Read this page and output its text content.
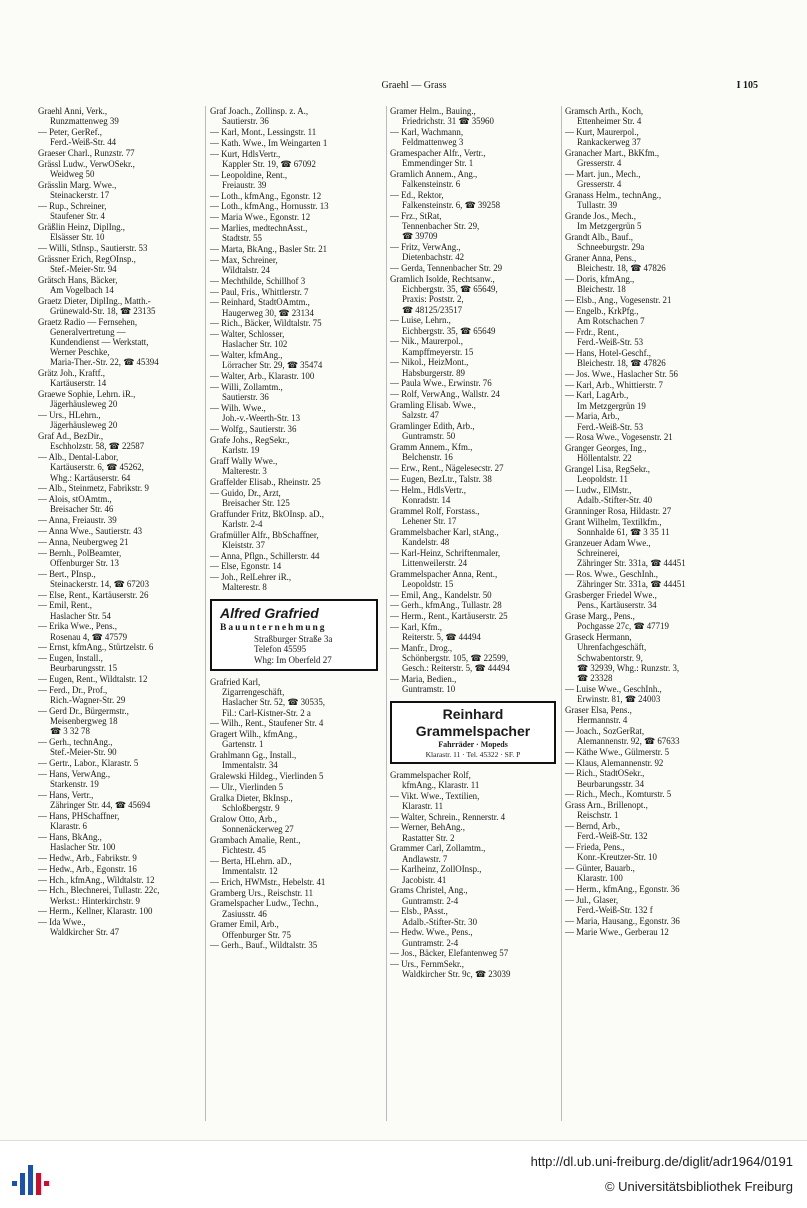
Graehl — Grass	I 105
Graehl Anni, Verk.,
Runzmattenweg 39
— Peter, GerRef.,
Ferd.-Weiß-Str. 44
Graeser Charl., Runzstr. 77
Grässl Ludw., VerwOSekr.,
Weidweg 50
Grässlin Marg. Wwe.,
Steinackerstr. 17
— Rup., Schreiner,
Staufener Str. 4
Gräßlin Heinz, DiplIng.,
Elsässer Str. 10
— Willi, StInsp., Sautierstr. 53
Grässner Erich, RegOInsp.,
Stef.-Meier-Str. 94
Grätsch Hans, Bäcker,
Am Vogelbach 14
Graetz Dieter, DiplIng., Matth.-
Grünewald-Str. 18, ☎ 23135
Graetz Radio — Fernsehen,
Generalvertretung —
Kundendienst — Werkstatt,
Werner Peschke,
Maria-Ther.-Str. 22, ☎ 45394
Grätz Joh., Kraftf.,
Kartäuserstr. 14
Graewe Sophie, Lehrn. iR.,
Jägerhäusleweg 20
— Urs., HLehrn.,
Jägerhäusleweg 20
Graf Ad., BezDir.,
Eschholzstr. 58, ☎ 22587
— Alb., Dental-Labor,
Kartäuserstr. 6, ☎ 45262,
Whg.: Kartäuserstr. 64
— Alb., Steinmetz, Fabrikstr. 9
— Alois, stOAmtm.,
Breisacher Str. 46
— Anna, Freiaustr. 39
— Anna Wwe., Sautierstr. 43
— Anna, Neubergweg 21
— Bernh., PolBeamter,
Offenburger Str. 13
— Bert., PInsp.,
Steinackerstr. 14, ☎ 67203
— Else, Rent., Kartäuserstr. 26
— Emil, Rent.,
Haslacher Str. 54
— Erika Wwe., Pens.,
Rosenau 4, ☎ 47579
— Ernst, kfmAng., Stürtzelstr. 6
— Eugen, Install.,
Beurbarungsstr. 15
— Eugen, Rent., Wildtalstr. 12
— Ferd., Dr., Prof.,
Rich.-Wagner-Str. 29
— Gerd Dr., Bürgermstr.,
Meisenbergweg 18
☎ 3 32 78
— Gerh., technAng.,
Stef.-Meier-Str. 90
— Gertr., Labor., Klarastr. 5
— Hans, VerwAng.,
Starkenstr. 19
— Hans, Vertr.,
Zähringer Str. 44, ☎ 45694
— Hans, PHSchaffner,
Klarastr. 6
— Hans, BkAng.,
Haslacher Str. 100
— Hedw., Arb., Fabrikstr. 9
— Hedw., Arb., Egonstr. 16
— Hch., kfmAng., Wildtalstr. 12
— Hch., Blechnerei, Tullastr. 22c,
Werkst.: Hinterkirchstr. 9
— Herm., Kellner, Klarastr. 100
— Ida Wwe.,
Waldkircher Str. 47
Graf Joach., Zollinsp. z. A.,
Sautierstr. 36
— Karl, Mont., Lessingstr. 11
— Kath. Wwe., Im Weingarten 1
— Kurt, HdlsVertr.,
Kappler Str. 19, ☎ 67092
— Leopoldine, Rent.,
Freiaustr. 39
— Loth., kfmAng., Egonstr. 12
— Loth., kfmAng., Hornusstr. 13
— Maria Wwe., Egonstr. 12
— Marlies, medtechnAsst.,
Stadtstr. 55
— Marta, BkAng., Basler Str. 21
— Max, Schreiner,
Wildtalstr. 24
— Mechthilde, Schillhof 3
— Paul, Fris., Whittlerstr. 7
— Reinhard, StadtOAmtm.,
Haugerweg 30, ☎ 23134
— Rich., Bäcker, Wildtalstr. 75
— Walter, Schlosser,
Haslacher Str. 102
— Walter, kfmAng.,
Lörracher Str. 29, ☎ 35474
— Walter, Arb., Klarastr. 100
— Willi, Zollamtm.,
Sautierstr. 36
— Wilh. Wwe.,
Joh.-v.-Weerth-Str. 13
— Wolfg., Sautierstr. 36
Grafe Johs., RegSekr.,
Karlstr. 19
Graff Wally Wwe.,
Malterestr. 3
Graffelder Elisab., Rheinstr. 25
— Guido, Dr., Arzt,
Breisacher Str. 125
Graffunder Fritz, BkOInsp. aD.,
Karlstr. 2-4
Grafmüller Alfr., BbSchaffner,
Kleiststr. 37
— Anna, Pflgn., Schillerstr. 44
— Else, Egonstr. 14
— Joh., RelLehrer iR.,
Malterestr. 8
Alfred Grafried
Bauunternehmung
Straßburger Straße 3a
Telefon 45595
Whg: Im Oberfeld 27
Grafried Karl,
Zigarrengeschäft,
Haslacher Str. 52, ☎ 30535,
Fil.: Carl-Kistner-Str. 2 a
— Wilh., Rent., Staufener Str. 4
Gragert Wilh., kfmAng.,
Gartenstr. 1
Grahlmann Gg., Install.,
Immentalstr. 34
Gralewski Hildeg., Vierlinden 5
— Ulr., Vierlinden 5
Gralka Dieter, BkInsp.,
Schloßbergstr. 9
Gralow Otto, Arb.,
Sonnenäckerweg 27
Grambach Amalie, Rent.,
Fichtestr. 45
— Berta, HLehrn. aD.,
Immentalstr. 12
— Erich, HWMstr., Hebelstr. 41
Gramberg Urs., Reischstr. 11
Gramelspacher Ludw., Techn.,
Zasiusstr. 46
Gramer Emil, Arb.,
Offenburger Str. 75
— Gerh., Bauf., Wildtalstr. 35
Gramer Helm., Bauing.,
Friedrichstr. 31 ☎ 35960
— Karl, Wachmann,
Feldmattenweg 3
Gramespacher Alfr., Vertr.,
Emmendinger Str. 1
Gramlich Annem., Ang.,
Falkensteinstr. 6
— Ed., Rektor,
Falkensteinstr. 6, ☎ 39258
— Frz., StRat,
Tennenbacher Str. 29,
☎ 39709
— Fritz, VerwAng.,
Dietenbachstr. 42
— Gerda, Tennenbacher Str. 29
Gramlich Isolde, Rechtsanw.,
Eichbergstr. 35, ☎ 65649,
Praxis: Poststr. 2,
☎ 48125/23517
— Luise, Lehrn.,
Eichbergstr. 35, ☎ 65649
— Nik., Maurerpol.,
Kampffmeyerstr. 15
— Nikol., HeizMont.,
Habsburgerstr. 89
— Paula Wwe., Erwinstr. 76
— Rolf, VerwAng., Wallstr. 24
Gramling Elisab. Wwe.,
Salzstr. 47
Gramlinger Edith, Arb.,
Guntramstr. 50
Gramm Annem., Kfm.,
Belchenstr. 16
— Erw., Rent., Nägelesecstr. 27
— Eugen, BezLtr., Talstr. 38
— Helm., HdlsVertr.,
Konradstr. 14
Grammel Rolf, Forstass.,
Lehener Str. 17
Grammelsbacher Karl, stAng.,
Kandelstr. 48
— Karl-Heinz, Schriftenmaler,
Littenweilerstr. 24
Grammelspacher Anna, Rent.,
Leopoldstr. 15
— Emil, Ang., Kandelstr. 50
— Gerh., kfmAng., Tullastr. 28
— Herm., Rent., Kartäuserstr. 25
— Karl, Kfm.,
Reiterstr. 5, ☎ 44494
— Manfr., Drog.,
Schönbergstr. 105, ☎ 22599,
Gesch.: Reiterstr. 5, ☎ 44494
— Maria, Bedien.,
Guntramstr. 10
Reinhard
Grammelspacher
Fahrräder · Mopeds
Klarastr. 11 · Tel. 45322 · SF. P
Grammelspacher Rolf,
kfmAng., Klarastr. 11
— Vikt. Wwe., Textilien,
Klarastr. 11
— Walter, Schrein., Rennerstr. 4
— Werner, BehAng.,
Rastatter Str. 2
Grammer Carl, Zollamtm.,
Andlawstr. 7
— Karlheinz, ZollOInsp.,
Jacobistr. 41
Grams Christel, Ang.,
Guntramstr. 2-4
— Elsb., PAsst.,
Adalb.-Stifter-Str. 30
— Hedw. Wwe., Pens.,
Guntramstr. 2-4
— Jos., Bäcker, Elefantenweg 57
— Urs., FernmSekr.,
Waldkircher Str. 9c, ☎ 23039
Gramsch Arth., Koch,
Ettenheimer Str. 4
— Kurt, Maurerpol.,
Rankackerweg 37
Granacher Mart., BkKfm.,
Gresserstr. 4
— Mart. jun., Mech.,
Gresserstr. 4
Granass Helm., technAng.,
Tullastr. 39
Grande Jos., Mech.,
Im Metzgergrün 5
Grandt Alb., Bauf.,
Schneeburgstr. 29a
Graner Anna, Pens.,
Bleichestr. 18, ☎ 47826
— Doris, kfmAng.,
Bleichestr. 18
— Elsb., Ang., Vogesenstr. 21
— Engelb., KrkPfg.,
Am Rotschachen 7
— Frdr., Rent.,
Ferd.-Weiß-Str. 53
— Hans, Hotel-Geschf.,
Bleichestr. 18, ☎ 47826
— Jos. Wwe., Haslacher Str. 56
— Karl, Arb., Whittierstr. 7
— Karl, LagArb.,
Im Metzgergrün 19
— Maria, Arb.,
Ferd.-Weiß-Str. 53
— Rosa Wwe., Vogesenstr. 21
Granger Georges, Ing.,
Höllentalstr. 22
Grangel Lisa, RegSekr.,
Leopoldstr. 11
— Ludw., ElMstr.,
Adalb.-Stifter-Str. 40
Granninger Rosa, Hildastr. 27
Grant Wilhelm, Textilkfm.,
Sonnhalde 61, ☎ 3 35 11
Granzeuer Adam Wwe.,
Schreinerei,
Zähringer Str. 331a, ☎ 44451
— Ros. Wwe., GeschInh.,
Zähringer Str. 331a, ☎ 44451
Grasberger Friedel Wwe.,
Pens., Kartäuserstr. 34
Grase Marg., Pens.,
Pochgasse 27c, ☎ 47719
Graseck Hermann,
Uhrenfachgeschäft,
Schwabentorstr. 9,
☎ 32939, Whg.: Runzstr. 3,
☎ 23328
— Luise Wwe., GeschInh.,
Erwinstr. 81, ☎ 24003
Graser Elsa, Pens.,
Hermannstr. 4
— Joach., SozGerRat,
Alemannenstr. 92, ☎ 67633
— Käthe Wwe., Gülmerstr. 5
— Klaus, Alemannenstr. 92
— Rich., StadtOSekr.,
Beurbarungsstr. 34
— Rich., Mech., Komturstr. 5
Grass Arn., Brillenopt.,
Reischstr. 1
— Bernd, Arb.,
Ferd.-Weiß-Str. 132
— Frieda, Pens.,
Konr.-Kreutzer-Str. 10
— Günter, Bauarb.,
Klarastr. 100
— Herm., kfmAng., Egonstr. 36
— Jul., Glaser,
Ferd.-Weiß-Str. 132 f
— Maria, Hausang., Egonstr. 36
— Marie Wwe., Gerberau 12
http://dl.ub.uni-freiburg.de/diglit/adr1964/0191
© Universitätsbibliothek Freiburg
